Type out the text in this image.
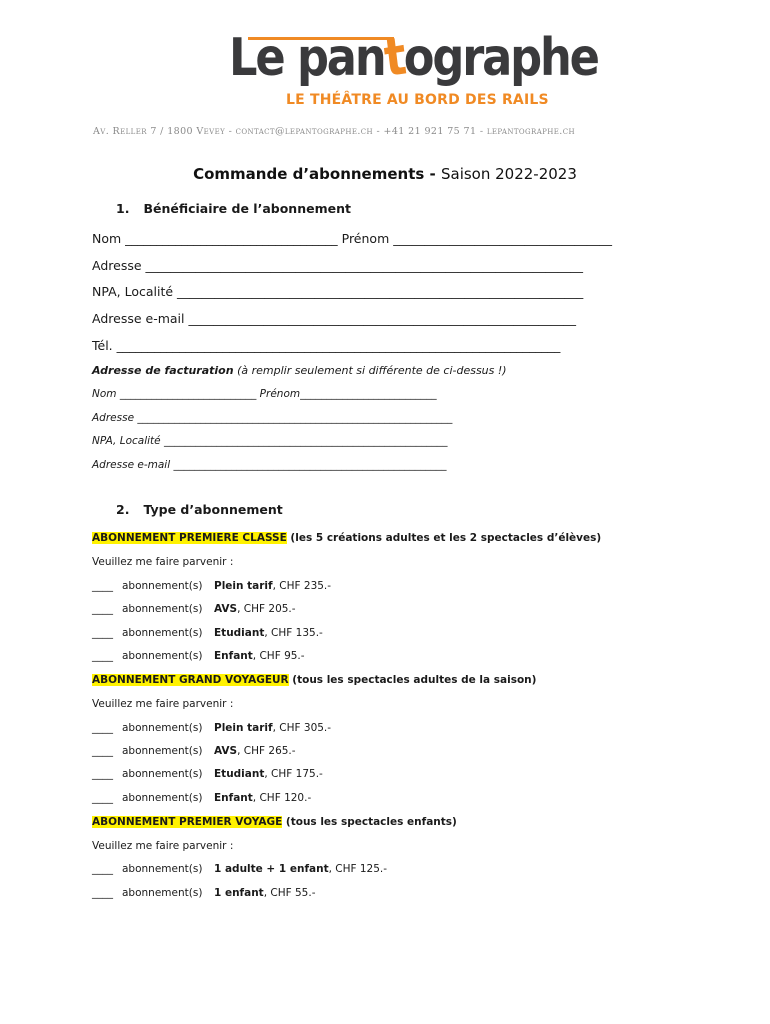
Le pantographe
LE THÉÂTRE AU BORD DES RAILS
Av. Reller 7 / 1800 Vevey - contact@lepantographe.ch - +41 21 921 75 71 - lepantographe.ch
Commande d’abonnements - Saison 2022-2023
1. Bénéficiaire de l’abonnement
Nom __________________________________ Prénom ___________________________________
Adresse ______________________________________________________________________
NPA, Localité _________________________________________________________________
Adresse e-mail ______________________________________________________________
Tél. _______________________________________________________________________
Adresse de facturation (à remplir seulement si différente de ci-dessus !)
Nom __________________________ Prénom__________________________
Adresse ____________________________________________________________
NPA, Localité ______________________________________________________
Adresse e-mail ____________________________________________________
2. Type d’abonnement
ABONNEMENT PREMIERE CLASSE (les 5 créations adultes et les 2 spectacles d’élèves)
Veuillez me faire parvenir :
____ abonnement(s) Plein tarif, CHF 235.-
____ abonnement(s) AVS, CHF 205.-
____ abonnement(s) Etudiant, CHF 135.-
____ abonnement(s) Enfant, CHF 95.-
ABONNEMENT GRAND VOYAGEUR (tous les spectacles adultes de la saison)
Veuillez me faire parvenir :
____ abonnement(s) Plein tarif, CHF 305.-
____ abonnement(s) AVS, CHF 265.-
____ abonnement(s) Etudiant, CHF 175.-
____ abonnement(s) Enfant, CHF 120.-
ABONNEMENT PREMIER VOYAGE (tous les spectacles enfants)
Veuillez me faire parvenir :
____ abonnement(s) 1 adulte + 1 enfant, CHF 125.-
____ abonnement(s) 1 enfant, CHF 55.-
